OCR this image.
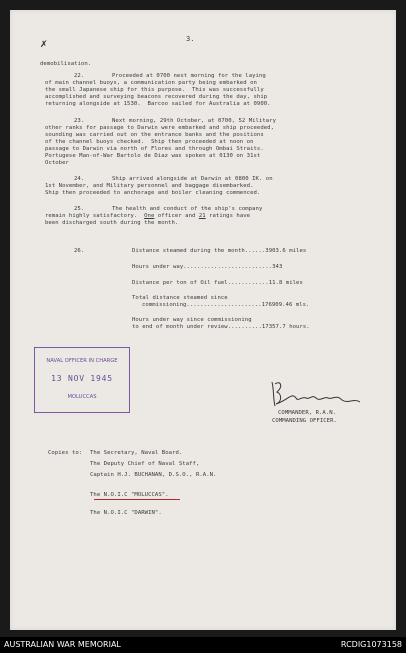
✗
3.
demobilisation.
22.	Proceeded at 0700 next morning for the laying
of main channel buoys, a communication party being embarked on
the small Japanese ship for this purpose.  This was successfully
accomplished and surveying beacons recovered during the day, ship
returning alongside at 1530.  Barcoo sailed for Australia at 0900.
23.	Next morning, 29th October, at 0700, 52 Military
other ranks for passage to Darwin were embarked and ship proceeded,
sounding was carried out on the entrance banks and the positions
of the channel buoys checked.  Ship then proceeded at noon on
passage to Darwin via north of Flores and through Ombai Straits.
Portugese Man-of-War Bartolo de Diaz was spoken at 0130 on 31st
October
24.	Ship arrived alongside at Darwin at 0800 IK. on
1st November, and Military personnel and baggage disembarked.
Ship then proceeded to anchorage and boiler cleaning commenced.
25.	The health and conduct of the ship's company
remain highly satisfactory.  One officer and 21 ratings have
been discharged south during the month.
26.	Distance steamed during the month......3903.6 miles
Hours under way..........................343
Distance per ton of Oil fuel............11.8 miles
Total distance steamed since
commissioning......................176909.46 mls.
Hours under way since commissioning
to end of month under review..........17357.7 hours.
NAVAL OFFICER IN CHARGE
13 NOV 1945
MOLUCCAS
COMMANDER, R.A.N.
COMMANDING OFFICER.
Copies to: The Secretary, Naval Board.
The Deputy Chief of Naval Staff,
Captain H.J. BUCHANAN, D.S.O., R.A.N.
The N.O.I.C "MOLUCCAS".
The N.O.I.C "DARWIN".
AUSTRALIAN WAR MEMORIAL	RCDIG1073158
